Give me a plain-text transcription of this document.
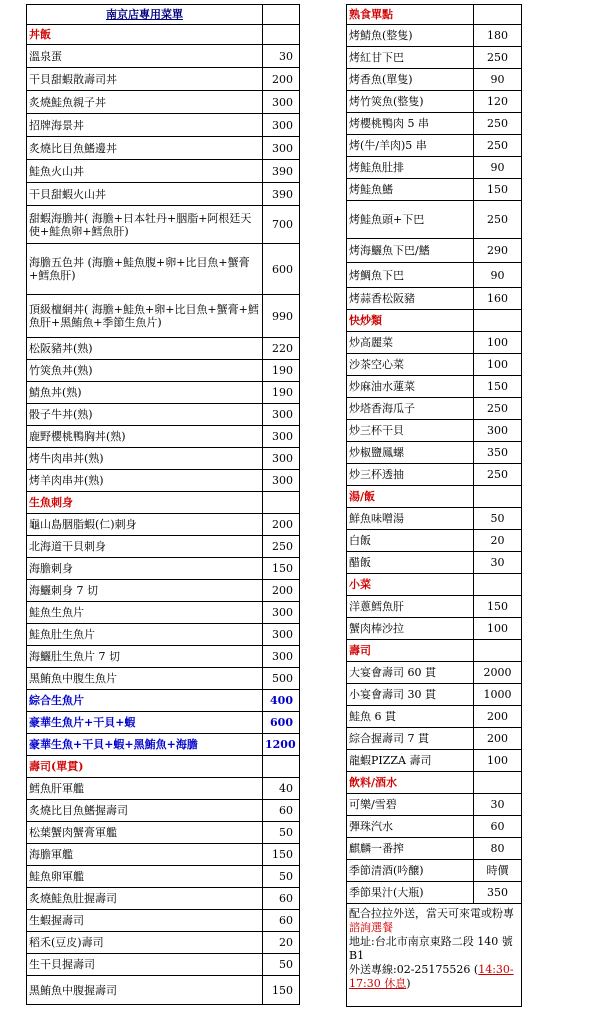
南京店專用菜單	
丼飯	
溫泉蛋	30
干貝甜蝦散壽司丼	200
炙燒鮭魚親子丼	300
招牌海景丼	300
炙燒比目魚鰭邊丼	300
鮭魚火山丼	390
干貝甜蝦火山丼	390
甜蝦海膽丼( 海膽+日本牡丹+胭脂+阿根廷天使+鮭魚卵+鱈魚肝)	700
海膽五色丼 (海膽+鮭魚腹+卵+比目魚+蟹膏+鱈魚肝)	600
頂級檀網丼( 海膽+鮭魚+卵+比目魚+蟹膏+鱈魚肝+黑鮪魚+季節生魚片)	990
松阪豬丼(熟)	220
竹筴魚丼(熟)	190
鯖魚丼(熟)	190
骰子牛丼(熟)	300
鹿野櫻桃鴨胸丼(熟)	300
烤牛肉串丼(熟)	300
烤羊肉串丼(熟)	300
生魚刺身	
龜山島胭脂蝦(仁)刺身	200
北海道干貝刺身	250
海膽刺身	150
海鱺刺身 7 切	200
鮭魚生魚片	300
鮭魚肚生魚片	300
海鱺肚生魚片 7 切	300
黑鮪魚中腹生魚片	500
綜合生魚片	400
豪華生魚片+干貝+蝦	600
豪華生魚+干貝+蝦+黑鮪魚+海膽	1200
壽司(單貫)	
鱈魚肝軍艦	40
炙燒比目魚鰭握壽司	60
松葉蟹肉蟹膏軍艦	50
海膽軍艦	150
鮭魚卵軍艦	50
炙燒鮭魚肚握壽司	60
生蝦握壽司	60
稻禾(豆皮)壽司	20
生干貝握壽司	50
黑鮪魚中腹握壽司	150
熟食單點	
烤鯖魚(整隻)	180
烤紅甘下巴	250
烤香魚(單隻)	90
烤竹筴魚(整隻)	120
烤櫻桃鴨肉 5 串	250
烤(牛/羊肉)5 串	250
烤鮭魚肚排	90
烤鮭魚鰭	150
烤鮭魚頭+下巴	250
烤海鱺魚下巴/鰭	290
烤鯛魚下巴	90
烤蒜香松阪豬	160
快炒類	
炒高麗菜	100
沙茶空心菜	100
炒麻油水蓮菜	150
炒塔香海瓜子	250
炒三杯干貝	300
炒椒鹽鳳螺	350
炒三杯透抽	250
湯/飯	
鮮魚味噌湯	50
白飯	20
醋飯	30
小菜	
洋蔥鱈魚肝	150
蟹肉棒沙拉	100
壽司	
大宴會壽司 60 貫	2000
小宴會壽司 30 貫	1000
鮭魚 6 貫	200
綜合握壽司 7 貫	200
龍蝦PIZZA 壽司	100
飲料/酒水	
可樂/雪碧	30
彈珠汽水	60
麒麟一番搾	80
季節清酒(吟醸)	時價
季節果汁(大瓶)	350
配合拉拉外送，當天可來電或粉專諮詢選餐
地址:台北市南京東路二段 140 號 B1
外送專線:02-25175526 (14:30-17:30 休息)	
